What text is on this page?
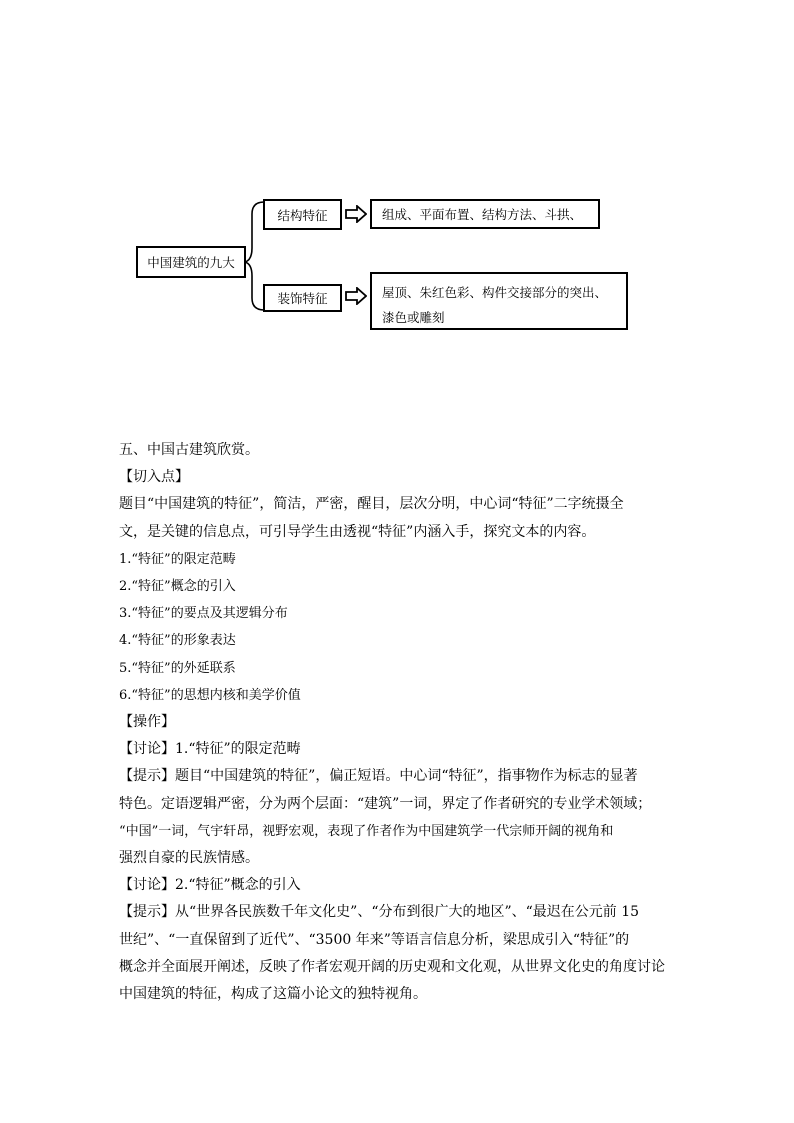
中国建筑的九大
结构特征
装饰特征
组成、平面布置、结构方法、斗拱、
屋顶、朱红色彩、构件交接部分的突出、漆色或雕刻

五、中国古建筑欣赏。

【切入点】

题目“中国建筑的特征”，简洁，严密，醒目，层次分明，中心词“特征”二字统摄全

文，是关键的信息点，可引导学生由透视“特征”内涵入手，探究文本的内容。

1.“特征”的限定范畴

2.“特征”概念的引入

3.“特征”的要点及其逻辑分布

4.“特征”的形象表达

5.“特征”的外延联系

6.“特征”的思想内核和美学价值

【操作】

【讨论】1.“特征”的限定范畴

【提示】题目“中国建筑的特征”，偏正短语。中心词“特征”，指事物作为标志的显著

特色。定语逻辑严密，分为两个层面：“建筑”一词，界定了作者研究的专业学术领域；

“中国”一词，气宇轩昂，视野宏观，表现了作者作为中国建筑学一代宗师开阔的视角和

强烈自豪的民族情感。

【讨论】2.“特征”概念的引入

【提示】从“世界各民族数千年文化史”、“分布到很广大的地区”、“最迟在公元前 15

世纪”、“一直保留到了近代”、“3500 年来”等语言信息分析，梁思成引入“特征”的

概念并全面展开阐述，反映了作者宏观开阔的历史观和文化观，从世界文化史的角度讨论

中国建筑的特征，构成了这篇小论文的独特视角。
